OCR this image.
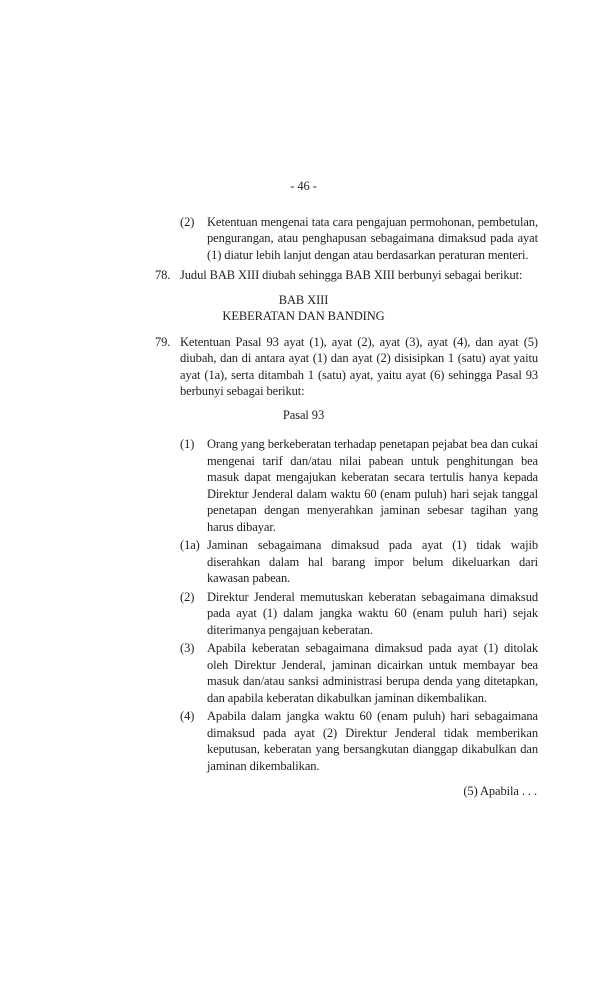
- 46 -
(2)	Ketentuan mengenai tata cara pengajuan permohonan, pembetulan, pengurangan, atau penghapusan sebagaimana dimaksud pada ayat (1) diatur lebih lanjut dengan atau berdasarkan peraturan menteri.
78. Judul BAB XIII diubah sehingga BAB XIII berbunyi sebagai berikut:
BAB XIII
KEBERATAN DAN BANDING
79. Ketentuan Pasal 93 ayat (1), ayat (2), ayat (3), ayat (4), dan ayat (5) diubah, dan di antara ayat (1) dan ayat (2) disisipkan 1 (satu) ayat yaitu ayat (1a), serta ditambah 1 (satu) ayat, yaitu ayat (6) sehingga Pasal 93 berbunyi sebagai berikut:
Pasal 93
(1)	Orang yang berkeberatan terhadap penetapan pejabat bea dan cukai mengenai tarif dan/atau nilai pabean untuk penghitungan bea masuk dapat mengajukan keberatan secara tertulis hanya kepada Direktur Jenderal dalam waktu 60 (enam puluh) hari sejak tanggal penetapan dengan menyerahkan jaminan sebesar tagihan yang harus dibayar.
(1a) Jaminan sebagaimana dimaksud pada ayat (1) tidak wajib diserahkan dalam hal barang impor belum dikeluarkan dari kawasan pabean.
(2)	Direktur Jenderal memutuskan keberatan sebagaimana dimaksud pada ayat (1) dalam jangka waktu 60 (enam puluh hari) sejak diterimanya pengajuan keberatan.
(3)	Apabila keberatan sebagaimana dimaksud pada ayat (1) ditolak oleh Direktur Jenderal, jaminan dicairkan untuk membayar bea masuk dan/atau sanksi administrasi berupa denda yang ditetapkan, dan apabila keberatan dikabulkan jaminan dikembalikan.
(4)	Apabila dalam jangka waktu 60 (enam puluh) hari sebagaimana dimaksud pada ayat (2) Direktur Jenderal tidak memberikan keputusan, keberatan yang bersangkutan dianggap dikabulkan dan jaminan dikembalikan.
(5) Apabila . . .
